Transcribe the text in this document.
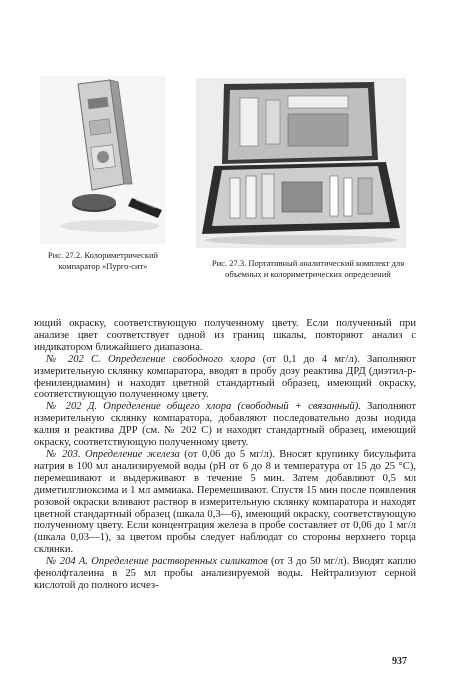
Рис. 27.2. Колориметрический компаратор «Пурго-сит»	Рис. 27.3. Портативный аналитический комплект для объемных и колориметрических определений

ющий окраску, соответствующую полученному цвету. Если полученный при анализе цвет соответствует одной из границ шкалы, повторяют анализ с индикатором ближайшего диапазона.

№ 202 С. Определение свободного хлора (от 0,1 до 4 мг/л). Заполняют измерительную склянку компаратора, вводят в пробу дозу реактива ДРД (диэтил-р-фенилендиамин) и находят цветной стандартный образец, имеющий окраску, соответствующую полученному цвету.

№ 202 Д. Определение общего хлора (свободный + связанный). Заполняют измерительную склянку компаратора, добавляют последовательно дозы иодида калия и реактива ДРР (см. № 202 С) и находят стандартный образец, имеющий окраску, соответствующую полученному цвету.

№ 203. Определение железа (от 0,06 до 5 мг/л). Вносят крупинку бисульфита натрия в 100 мл анализируемой воды (рН от 6 до 8 и температура от 15 до 25 °С), перемешивают и выдерживают в течение 5 мин. Затем добавляют 0,5 мл диметилглиоксима и 1 мл аммиака. Перемешивают. Спустя 15 мин после появления розовой окраски вливают раствор в измерительную склянку компаратора и находят цветной стандартный образец (шкала 0,3—6), имеющий окраску, соответствующую полученному цвету. Если концентрация железа в пробе составляет от 0,06 до 1 мг/л (шкала 0,03—1), за цветом пробы следует наблюдат со стороны верхнего торца склянки.

№ 204 А. Определение растворенных силикатов (от 3 до 50 мг/л). Вводят каплю фенолфталеина в 25 мл пробы анализируемой воды. Нейтрализуют серной кислотой до полного исчез-

937
